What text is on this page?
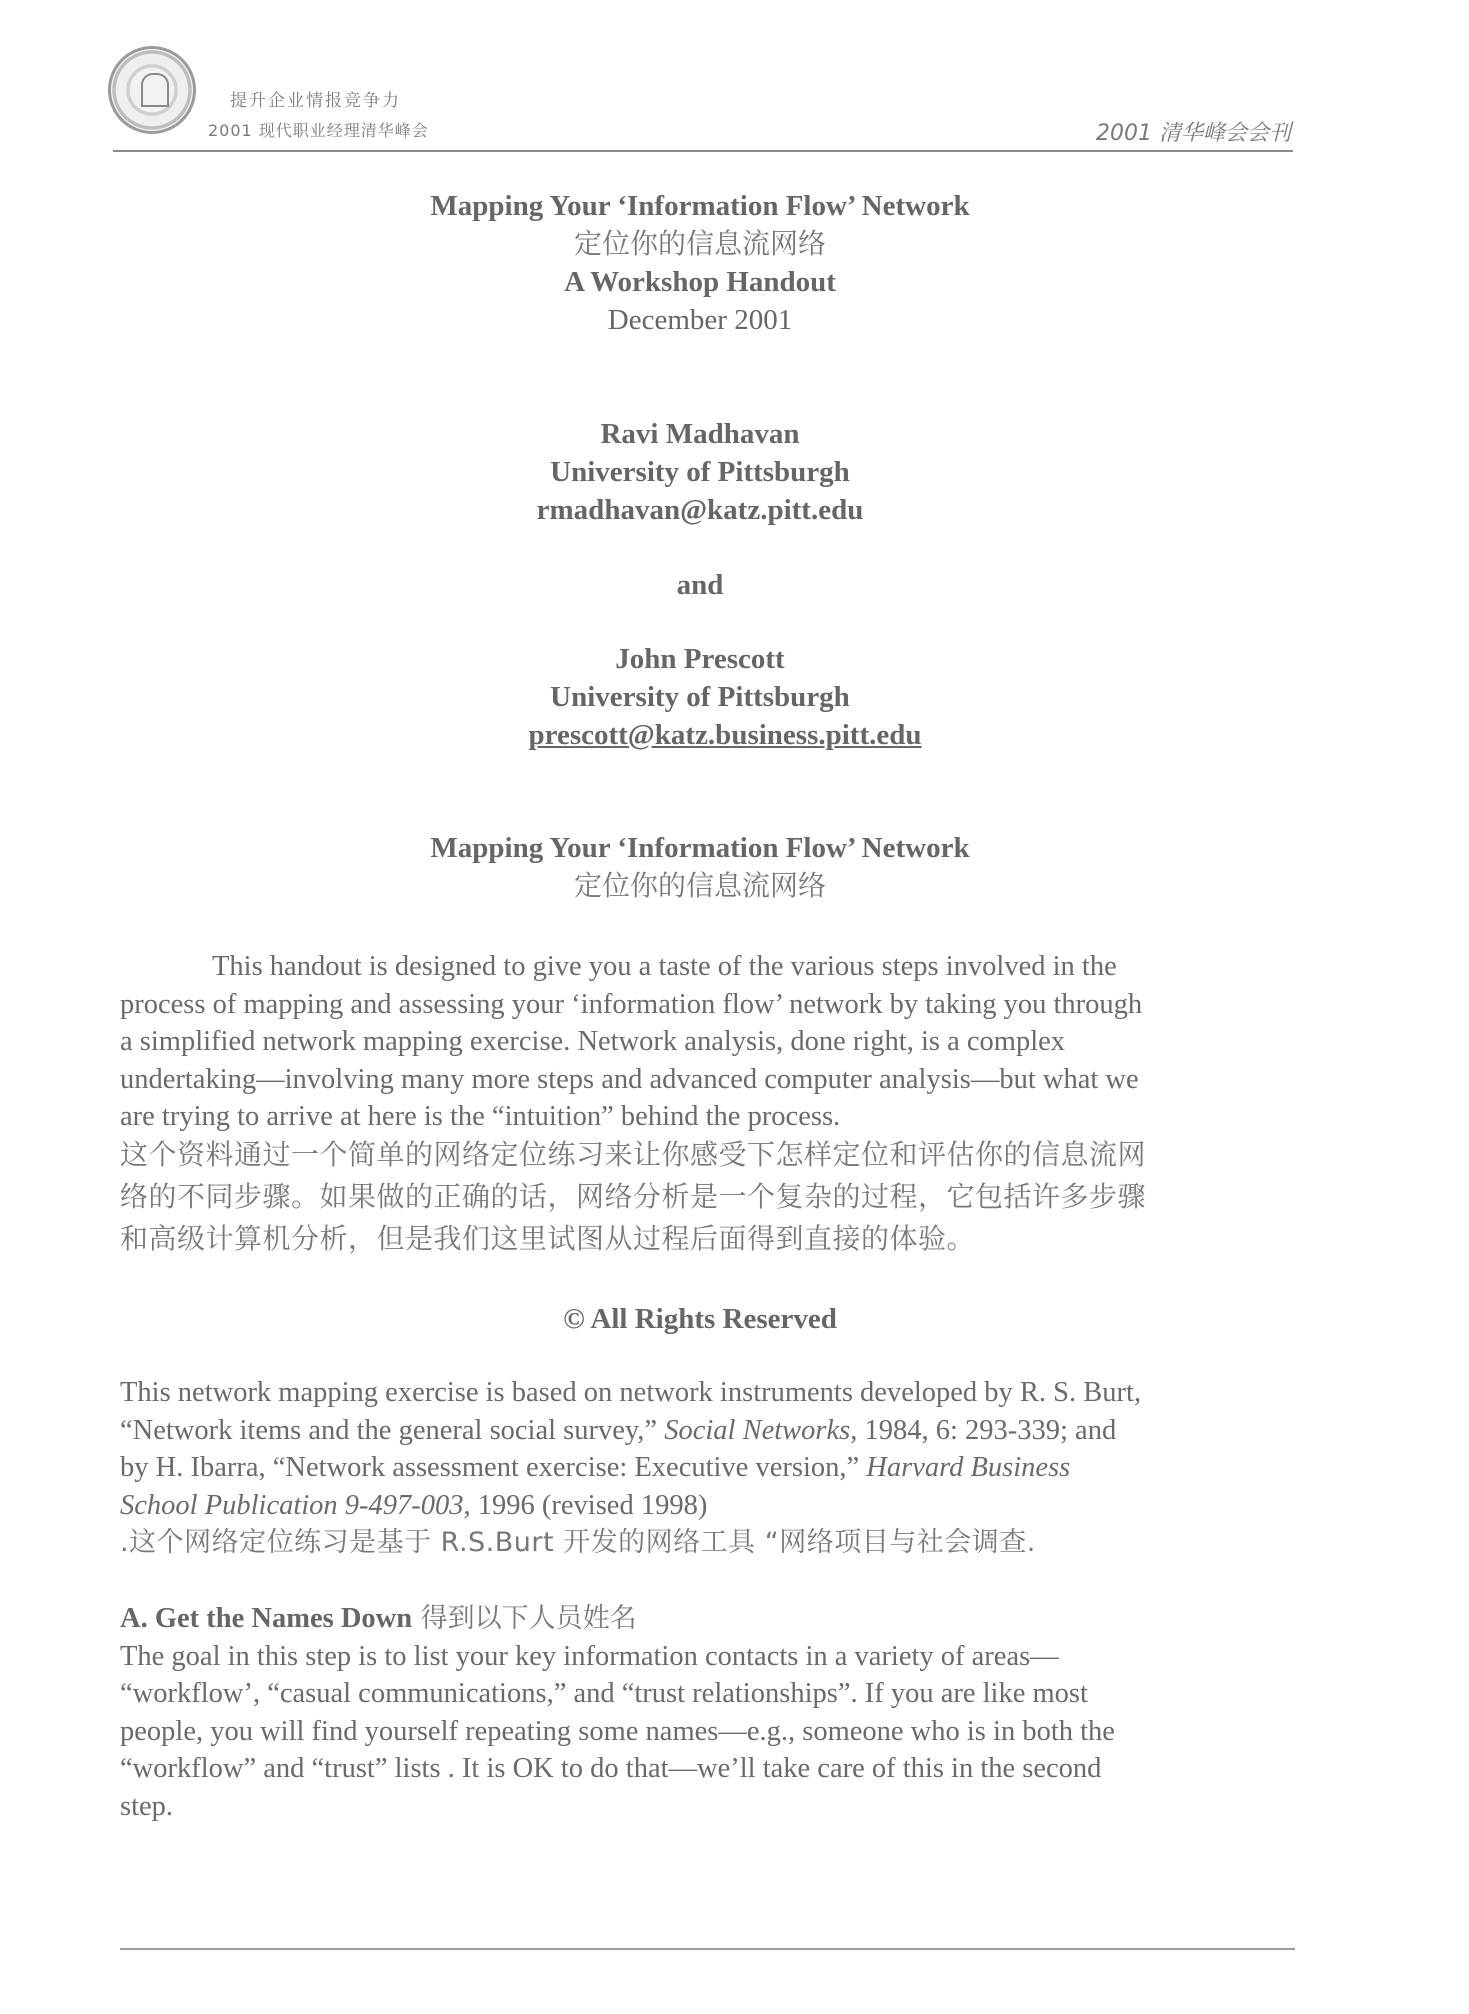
提升企业情报竞争力
2001 现代职业经理清华峰会	2001 清华峰会会刊
Mapping Your ‘Information Flow’ Network
定位你的信息流网络
A Workshop Handout
December 2001
Ravi Madhavan
University of Pittsburgh
rmadhavan@katz.pitt.edu
and
John Prescott
University of Pittsburgh
prescott@katz.business.pitt.edu
Mapping Your ‘Information Flow’ Network
定位你的信息流网络
This handout is designed to give you a taste of the various steps involved in the
process of mapping and assessing your ‘information flow’ network by taking you through
a simplified network mapping exercise. Network analysis, done right, is a complex
undertaking—involving many more steps and advanced computer analysis—but what we
are trying to arrive at here is the “intuition” behind the process.
这个资料通过一个简单的网络定位练习来让你感受下怎样定位和评估你的信息流网
络的不同步骤。如果做的正确的话，网络分析是一个复杂的过程，它包括许多步骤
和高级计算机分析，但是我们这里试图从过程后面得到直接的体验。
© All Rights Reserved
This network mapping exercise is based on network instruments developed by R. S. Burt,
“Network items and the general social survey,” Social Networks, 1984, 6: 293-339; and
by H. Ibarra, “Network assessment exercise: Executive version,” Harvard Business
School Publication 9-497-003, 1996 (revised 1998)
.这个网络定位练习是基于 R.S.Burt 开发的网络工具 “网络项目与社会调查.
A. Get the Names Down 得到以下人员姓名
The goal in this step is to list your key information contacts in a variety of areas—
“workflow’, “casual communications,” and “trust relationships”. If you are like most
people, you will find yourself repeating some names—e.g., someone who is in both the
“workflow” and “trust” lists . It is OK to do that—we’ll take care of this in the second
step.
